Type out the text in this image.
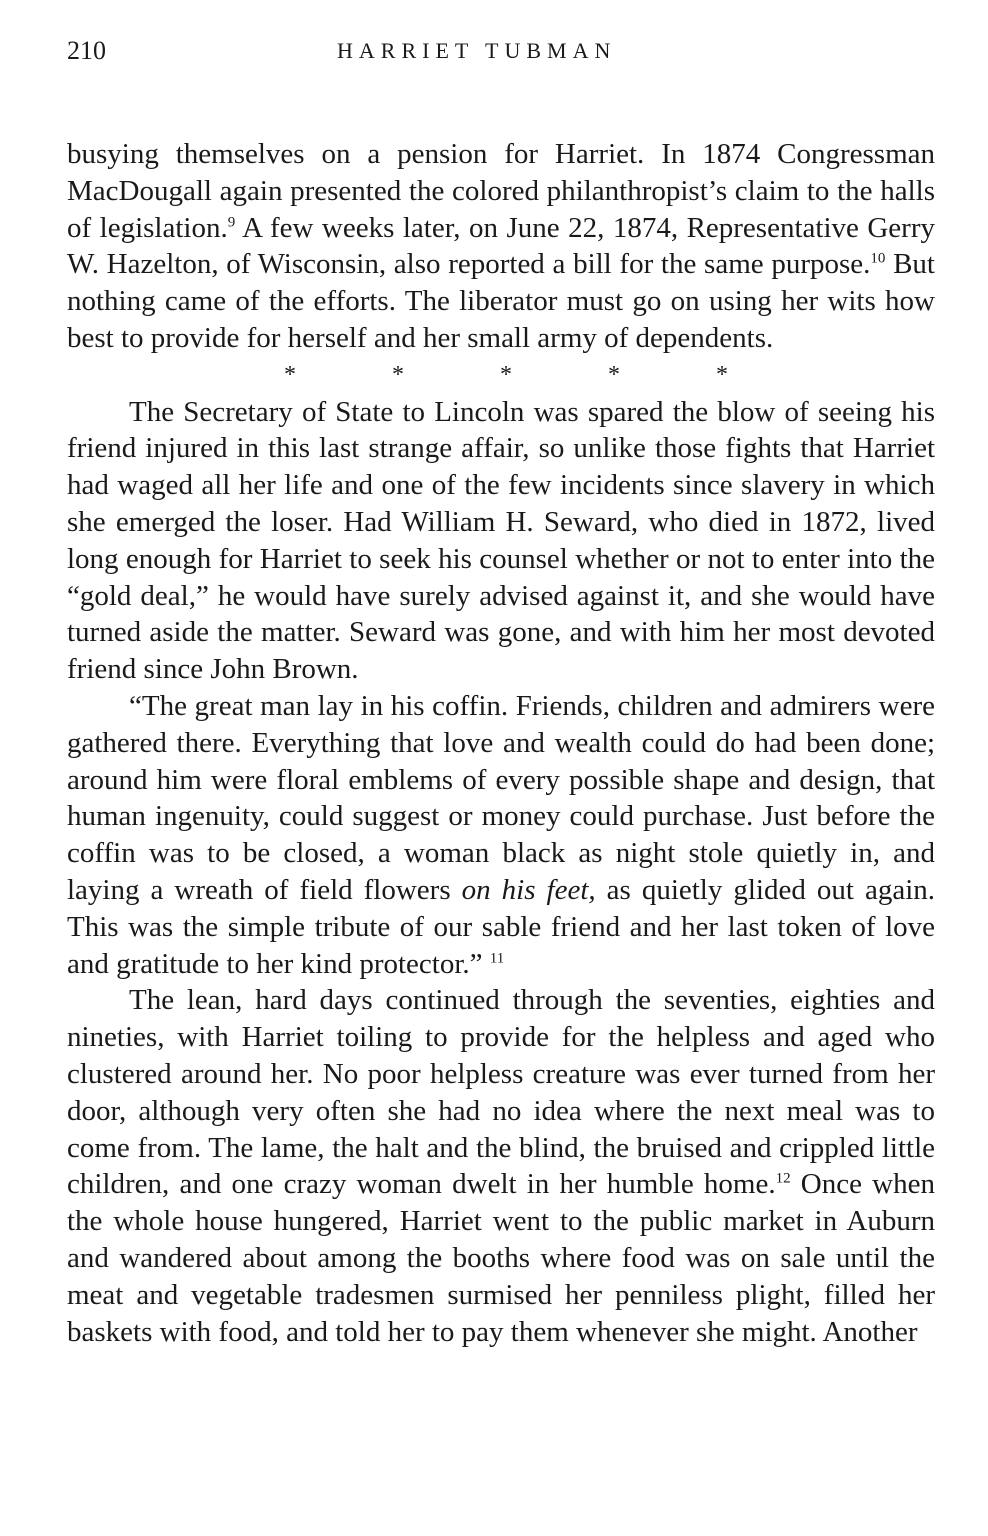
210	HARRIET TUBMAN

busying themselves on a pension for Harriet. In 1874 Congressman MacDougall again presented the colored philanthropist’s claim to the halls of legislation.$^9$ A few weeks later, on June 22, 1874, Representative Gerry W. Hazelton, of Wisconsin, also reported a bill for the same purpose.$^{10}$ But nothing came of the efforts. The liberator must go on using her wits how best to provide for herself and her small army of dependents.

*	*	*	*	*

The Secretary of State to Lincoln was spared the blow of seeing his friend injured in this last strange affair, so unlike those fights that Harriet had waged all her life and one of the few incidents since slavery in which she emerged the loser. Had William H. Seward, who died in 1872, lived long enough for Harriet to seek his counsel whether or not to enter into the “gold deal,” he would have surely advised against it, and she would have turned aside the matter. Seward was gone, and with him her most devoted friend since John Brown.

“The great man lay in his coffin. Friends, children and admirers were gathered there. Everything that love and wealth could do had been done; around him were floral emblems of every possible shape and design, that human ingenuity, could suggest or money could purchase. Just before the coffin was to be closed, a woman black as night stole quietly in, and laying a wreath of field flowers on his feet, as quietly glided out again. This was the simple tribute of our sable friend and her last token of love and gratitude to her kind protector.” $^{11}$

The lean, hard days continued through the seventies, eighties and nineties, with Harriet toiling to provide for the helpless and aged who clustered around her. No poor helpless creature was ever turned from her door, although very often she had no idea where the next meal was to come from. The lame, the halt and the blind, the bruised and crippled little children, and one crazy woman dwelt in her humble home.$^{12}$ Once when the whole house hungered, Harriet went to the public market in Auburn and wandered about among the booths where food was on sale until the meat and vegetable tradesmen surmised her penniless plight, filled her baskets with food, and told her to pay them whenever she might. Another
